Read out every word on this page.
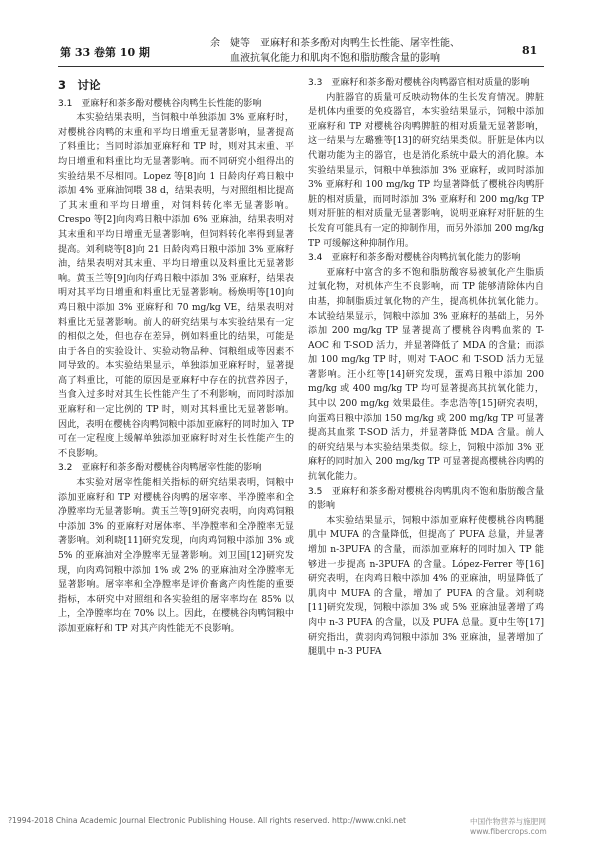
第 33 卷第 10 期
余　婕等　亚麻籽和茶多酚对肉鸭生长性能、屠宰性能、
血液抗氧化能力和肌肉不饱和脂肪酸含量的影响
81
3　讨论

3.1　亚麻籽和茶多酚对樱桃谷肉鸭生长性能的影响

本实验结果表明，当饲粮中单独添加 3% 亚麻籽时，对樱桃谷肉鸭的末重和平均日增重无显著影响，显著提高了料重比；当同时添加亚麻籽和 TP 时，则对其末重、平均日增重和料重比均无显著影响。而不同研究小组得出的实验结果不尽相同。Lopez 等[8]向 1 日龄肉仔鸡日粮中添加 4% 亚麻油饲喂 38 d，结果表明，与对照组相比提高了其末重和平均日增重，对饲料转化率无显著影响。Crespo 等[2]向肉鸡日粮中添加 6% 亚麻油，结果表明对其末重和平均日增重无显著影响，但饲料转化率得到显著提高。刘利晓等[8]向 21 日龄肉鸡日粮中添加 3% 亚麻籽油，结果表明对其末重、平均日增重以及料重比无显著影响。黄玉兰等[9]向肉仔鸡日粮中添加 3% 亚麻籽，结果表明对其平均日增重和料重比无显著影响。杨焕明等[10]向鸡日粮中添加 3% 亚麻籽和 70 mg/kg VE，结果表明对料重比无显著影响。前人的研究结果与本实验结果有一定的相似之处，但也存在差异，例如料重比的结果，可能是由于各自的实验设计、实验动物品种、饲粮组成等因素不同导致的。本实验结果显示，单独添加亚麻籽时，显著提高了料重比，可能的原因是亚麻籽中存在的抗营养因子，当食入过多时对其生长性能产生了不利影响，而同时添加亚麻籽和一定比例的 TP 时，则对其料重比无显著影响。因此，表明在樱桃谷肉鸭饲粮中添加亚麻籽的同时加入 TP 可在一定程度上缓解单独添加亚麻籽时对生长性能产生的不良影响。

3.2　亚麻籽和茶多酚对樱桃谷肉鸭屠宰性能的影响

本实验对屠宰性能相关指标的研究结果表明，饲粮中添加亚麻籽和 TP 对樱桃谷肉鸭的屠宰率、半净膛率和全净膛率均无显著影响。黄玉兰等[9]研究表明，向肉鸡饲粮中添加 3% 的亚麻籽对屠体率、半净膛率和全净膛率无显著影响。刘利晓[11]研究发现，向肉鸡饲粮中添加 3% 或 5% 的亚麻油对全净膛率无显著影响。刘卫国[12]研究发现，向肉鸡饲粮中添加 1% 或 2% 的亚麻油对全净膛率无显著影响。屠宰率和全净膛率是评价畜禽产肉性能的重要指标，本研究中对照组和各实验组的屠宰率均在 85% 以上，全净膛率均在 70% 以上。因此，在樱桃谷肉鸭饲粮中添加亚麻籽和 TP 对其产肉性能无不良影响。

3.3　亚麻籽和茶多酚对樱桃谷肉鸭器官相对质量的影响

内脏器官的质量可反映动物体的生长发育情况。脾脏是机体内重要的免疫器官，本实验结果显示，饲粮中添加亚麻籽和 TP 对樱桃谷肉鸭脾脏的相对质量无显著影响，这一结果与左璐雅等[13]的研究结果类似。肝脏是体内以代谢功能为主的器官，也是消化系统中最大的消化腺。本实验结果显示，饲粮中单独添加 3% 亚麻籽，或同时添加 3% 亚麻籽和 100 mg/kg TP 均显著降低了樱桃谷肉鸭肝脏的相对质量，而同时添加 3% 亚麻籽和 200 mg/kg TP 则对肝脏的相对质量无显著影响，说明亚麻籽对肝脏的生长发育可能具有一定的抑制作用，而另外添加 200 mg/kg TP 可缓解这种抑制作用。

3.4　亚麻籽和茶多酚对樱桃谷肉鸭抗氧化能力的影响

亚麻籽中富含的多不饱和脂肪酸容易被氧化产生脂质过氧化物，对机体产生不良影响，而 TP 能够清除体内自由基，抑制脂质过氧化物的产生，提高机体抗氧化能力。本试验结果显示，饲粮中添加 3% 亚麻籽的基础上，另外添加 200 mg/kg TP 显著提高了樱桃谷肉鸭血浆的 T-AOC 和 T-SOD 活力，并显著降低了 MDA 的含量；而添加 100 mg/kg TP 时，则对 T-AOC 和 T-SOD 活力无显著影响。汪小红等[14]研究发现，蛋鸡日粮中添加 200 mg/kg 或 400 mg/kg TP 均可显著提高其抗氧化能力，其中以 200 mg/kg 效果最佳。李忠浩等[15]研究表明，向蛋鸡日粮中添加 150 mg/kg 或 200 mg/kg TP 可显著提高其血浆 T-SOD 活力，并显著降低 MDA 含量。前人的研究结果与本实验结果类似。综上，饲粮中添加 3% 亚麻籽的同时加入 200 mg/kg TP 可显著提高樱桃谷肉鸭的抗氧化能力。

3.5　亚麻籽和茶多酚对樱桃谷肉鸭肌肉不饱和脂肪酸含量的影响

本实验结果显示，饲粮中添加亚麻籽使樱桃谷肉鸭腿肌中 MUFA 的含量降低，但提高了 PUFA 总量，并显著增加 n-3PUFA 的含量，而添加亚麻籽的同时加入 TP 能够进一步提高 n-3PUFA 的含量。López-Ferrer 等[16]研究表明，在肉鸡日粮中添加 4% 的亚麻油，明显降低了肌肉中 MUFA 的含量，增加了 PUFA 的含量。刘利晓[11]研究发现，饲粮中添加 3% 或 5% 亚麻油显著增了鸡肉中 n-3 PUFA 的含量，以及 PUFA 总量。夏中生等[17]研究指出，黄羽肉鸡饲粮中添加 3% 亚麻油，显著增加了腿肌中 n-3 PUFA

?1994-2018 China Academic Journal Electronic Publishing House. All rights reserved. http://www.cnki.net	中国作物营养与施肥网 www.fibercrops.com
